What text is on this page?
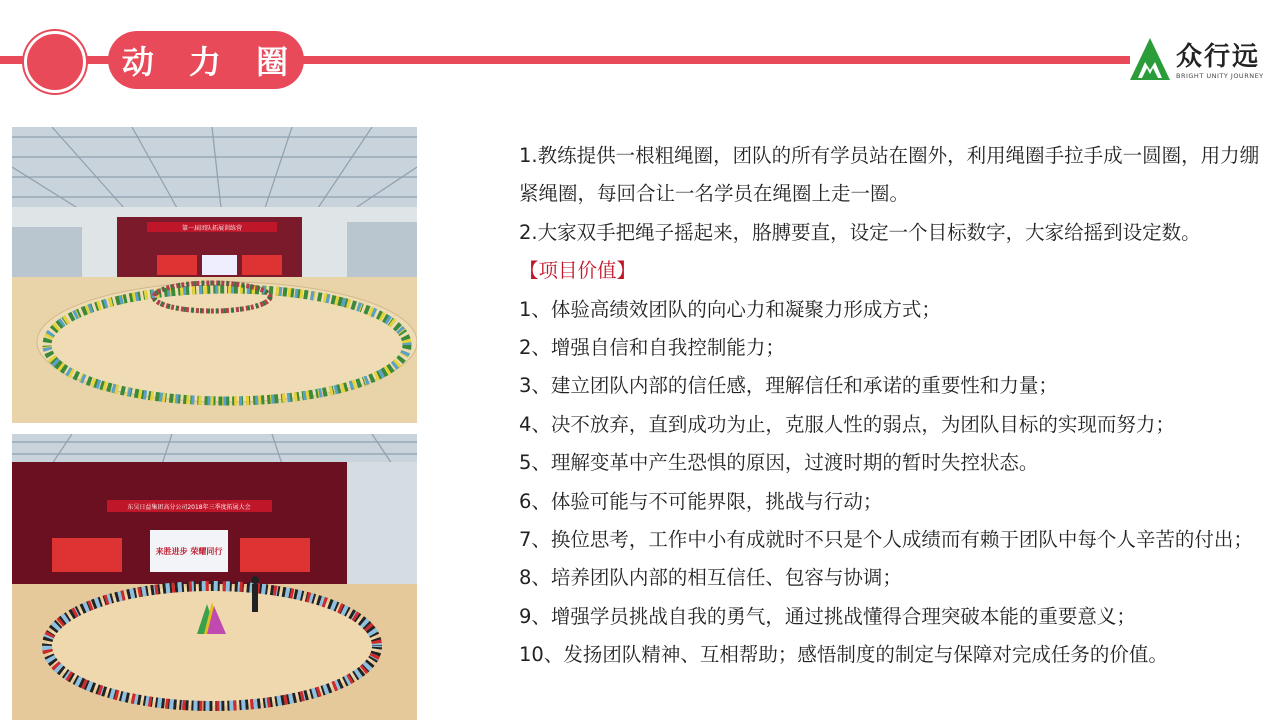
动 力 圈	众行远
BRIGHT UNITY JOURNEY
第一届团队拓展训练营
东吴日益集团高分公司2018年三季度拓展大会
来胜进步 荣耀同行

1.教练提供一根粗绳圈，团队的所有学员站在圈外，利用绳圈手拉手成一圆圈，用力绷紧绳圈，每回合让一名学员在绳圈上走一圈。

2.大家双手把绳子摇起来，胳膊要直，设定一个目标数字，大家给摇到设定数。

【项目价值】

1、体验高绩效团队的向心力和凝聚力形成方式；

2、增强自信和自我控制能力；

3、建立团队内部的信任感，理解信任和承诺的重要性和力量；

4、决不放弃，直到成功为止，克服人性的弱点，为团队目标的实现而努力；

5、理解变革中产生恐惧的原因，过渡时期的暂时失控状态。

6、体验可能与不可能界限，挑战与行动；

7、换位思考，工作中小有成就时不只是个人成绩而有赖于团队中每个人辛苦的付出；

8、培养团队内部的相互信任、包容与协调；

9、增强学员挑战自我的勇气，通过挑战懂得合理突破本能的重要意义；

10、发扬团队精神、互相帮助；感悟制度的制定与保障对完成任务的价值。
